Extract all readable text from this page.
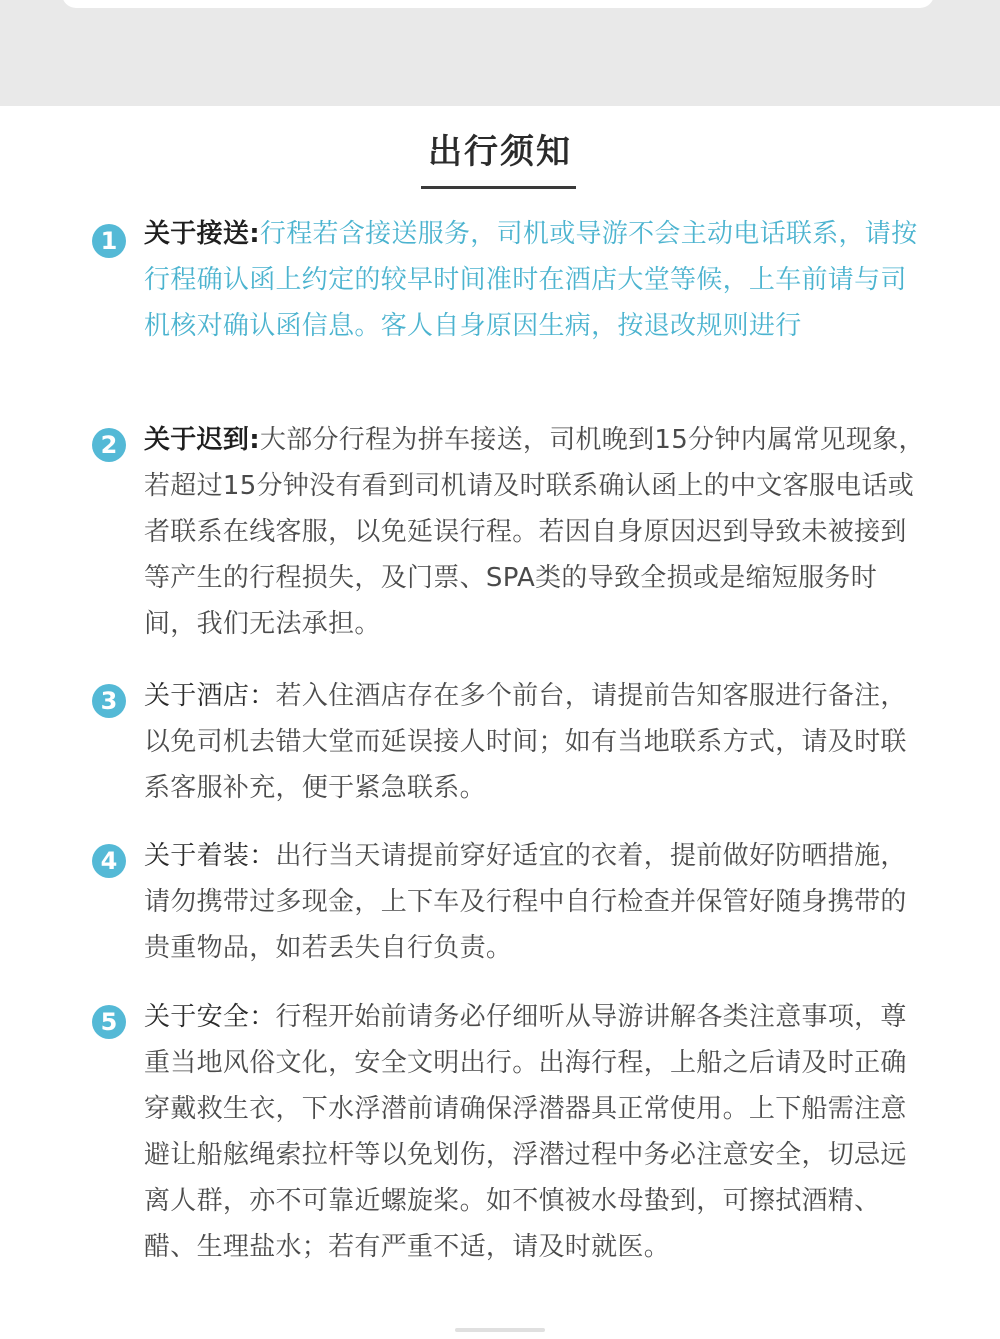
出行须知
1	关于接送:行程若含接送服务，司机或导游不会主动电话联系，请按行程确认函上约定的较早时间准时在酒店大堂等候，上车前请与司机核对确认函信息。客人自身原因生病，按退改规则进行
2	关于迟到:大部分行程为拼车接送，司机晚到15分钟内属常见现象，若超过15分钟没有看到司机请及时联系确认函上的中文客服电话或者联系在线客服，以免延误行程。若因自身原因迟到导致未被接到等产生的行程损失，及门票、SPA类的导致全损或是缩短服务时间，我们无法承担。
3	关于酒店：若入住酒店存在多个前台，请提前告知客服进行备注，以免司机去错大堂而延误接人时间；如有当地联系方式，请及时联系客服补充，便于紧急联系。
4	关于着装：出行当天请提前穿好适宜的衣着，提前做好防晒措施，请勿携带过多现金，上下车及行程中自行检查并保管好随身携带的贵重物品，如若丢失自行负责。
5	关于安全：行程开始前请务必仔细听从导游讲解各类注意事项，尊重当地风俗文化，安全文明出行。出海行程，上船之后请及时正确穿戴救生衣，下水浮潜前请确保浮潜器具正常使用。上下船需注意避让船舷绳索拉杆等以免划伤，浮潜过程中务必注意安全，切忌远离人群，亦不可靠近螺旋桨。如不慎被水母蛰到，可擦拭酒精、醋、生理盐水；若有严重不适，请及时就医。
